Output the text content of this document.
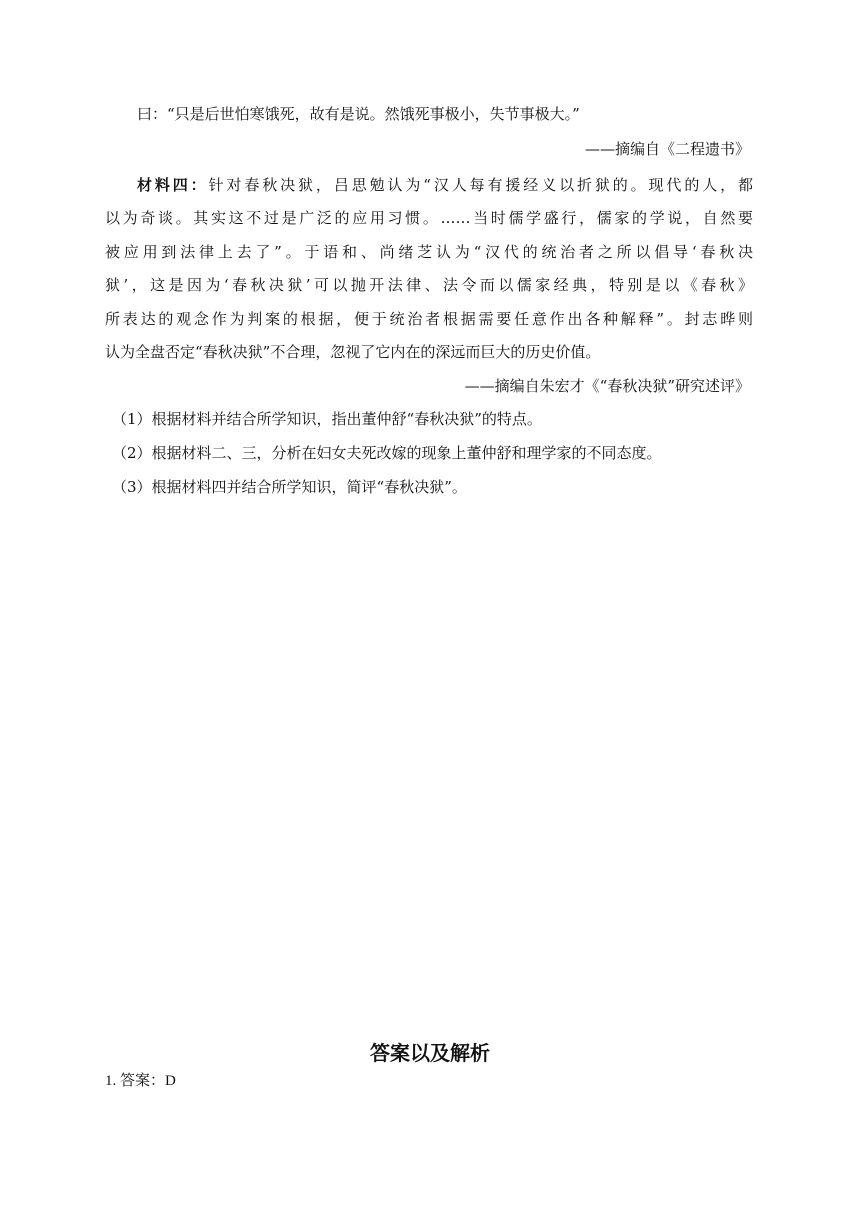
曰：“只是后世怕寒饿死，故有是说。然饿死事极小，失节事极大。”

——摘编自《二程遗书》

材料四：针对春秋决狱，吕思勉认为“汉人每有援经义以折狱的。现代的人，都

以为奇谈。其实这不过是广泛的应用习惯。……当时儒学盛行，儒家的学说，自然要

被应用到法律上去了”。于语和、尚绪芝认为“汉代的统治者之所以倡导‘春秋决

狱’，这是因为‘春秋决狱’可以抛开法律、法令而以儒家经典，特别是以《春秋》

所表达的观念作为判案的根据，便于统治者根据需要任意作出各种解释”。封志晔则

认为全盘否定“春秋决狱”不合理，忽视了它内在的深远而巨大的历史价值。

——摘编自朱宏才《“春秋决狱”研究述评》

（1）根据材料并结合所学知识，指出董仲舒“春秋决狱”的特点。

（2）根据材料二、三，分析在妇女夫死改嫁的现象上董仲舒和理学家的不同态度。

（3）根据材料四并结合所学知识，简评“春秋决狱”。

答案以及解析

1. 答案：D
